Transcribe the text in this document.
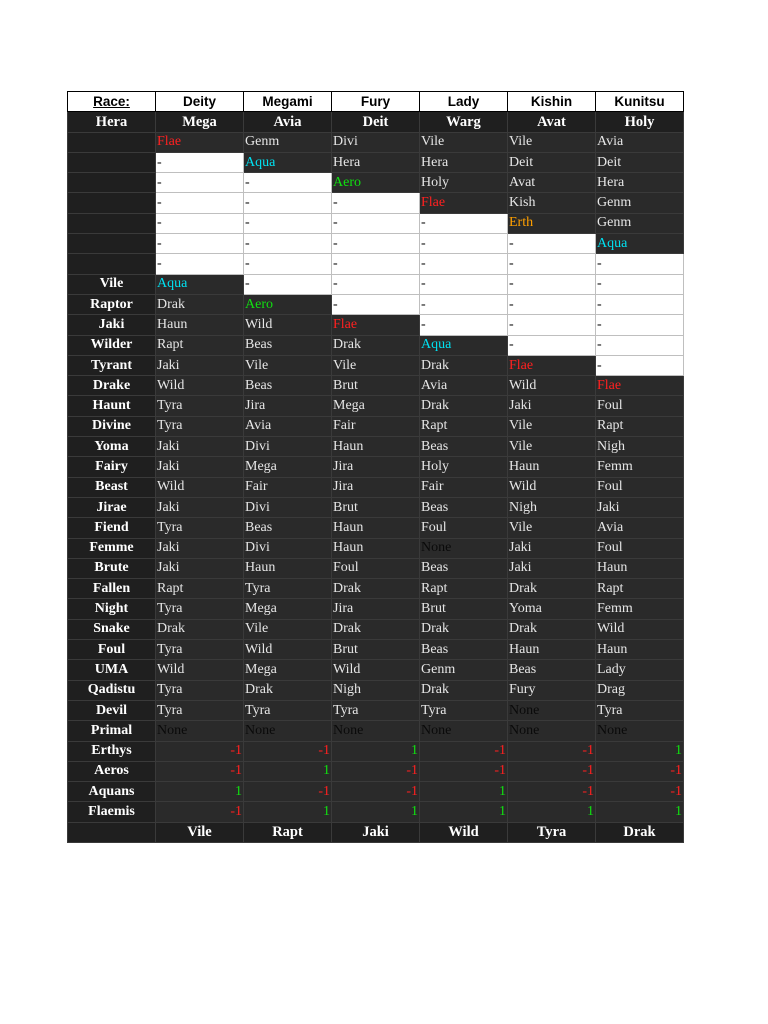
Race:	Deity	Megami	Fury	Lady	Kishin	Kunitsu
Hera	Mega	Avia	Deit	Warg	Avat	Holy
	Flae	Genm	Divi	Vile	Vile	Avia
	-	Aqua	Hera	Hera	Deit	Deit
	-	-	Aero	Holy	Avat	Hera
	-	-	-	Flae	Kish	Genm
	-	-	-	-	Erth	Genm
	-	-	-	-	-	Aqua
	-	-	-	-	-	-
Vile	Aqua	-	-	-	-	-
Raptor	Drak	Aero	-	-	-	-
Jaki	Haun	Wild	Flae	-	-	-
Wilder	Rapt	Beas	Drak	Aqua	-	-
Tyrant	Jaki	Vile	Vile	Drak	Flae	-
Drake	Wild	Beas	Brut	Avia	Wild	Flae
Haunt	Tyra	Jira	Mega	Drak	Jaki	Foul
Divine	Tyra	Avia	Fair	Rapt	Vile	Rapt
Yoma	Jaki	Divi	Haun	Beas	Vile	Nigh
Fairy	Jaki	Mega	Jira	Holy	Haun	Femm
Beast	Wild	Fair	Jira	Fair	Wild	Foul
Jirae	Jaki	Divi	Brut	Beas	Nigh	Jaki
Fiend	Tyra	Beas	Haun	Foul	Vile	Avia
Femme	Jaki	Divi	Haun	None	Jaki	Foul
Brute	Jaki	Haun	Foul	Beas	Jaki	Haun
Fallen	Rapt	Tyra	Drak	Rapt	Drak	Rapt
Night	Tyra	Mega	Jira	Brut	Yoma	Femm
Snake	Drak	Vile	Drak	Drak	Drak	Wild
Foul	Tyra	Wild	Brut	Beas	Haun	Haun
UMA	Wild	Mega	Wild	Genm	Beas	Lady
Qadistu	Tyra	Drak	Nigh	Drak	Fury	Drag
Devil	Tyra	Tyra	Tyra	Tyra	None	Tyra
Primal	None	None	None	None	None	None
Erthys	-1	-1	1	-1	-1	1
Aeros	-1	1	-1	-1	-1	-1
Aquans	1	-1	-1	1	-1	-1
Flaemis	-1	1	1	1	1	1
	Vile	Rapt	Jaki	Wild	Tyra	Drak
